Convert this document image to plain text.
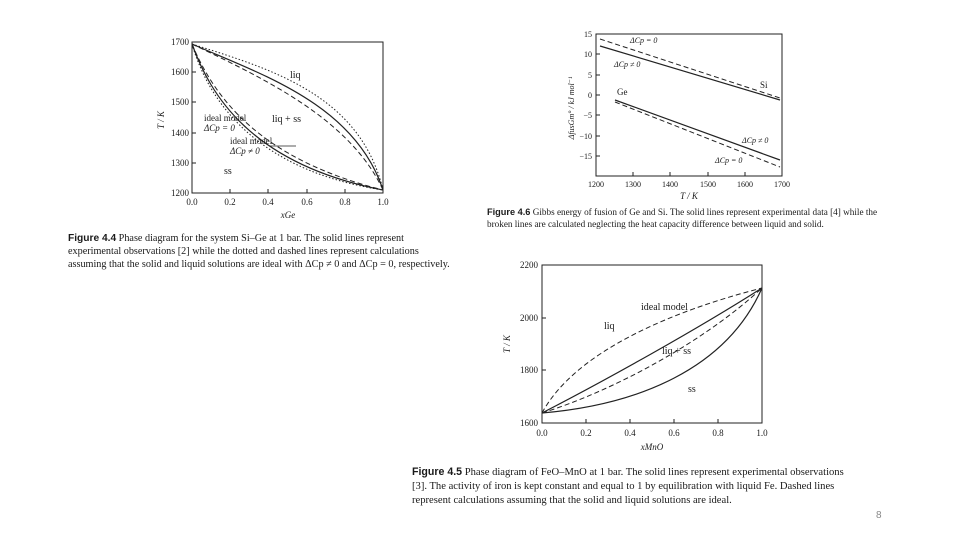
1700
1600
1500
1400
1300
1200
0.0	0.2	0.4	0.6	0.8	1.0
xGe
T / K
liq
liq + ss
ss
ideal model
ΔCp = 0
ideal model
ΔCp ≠ 0
Figure 4.4 Phase diagram for the system Si–Ge at 1 bar. The solid lines represent experimental observations [2] while the dotted and dashed lines represent calculations assuming that the solid and liquid solutions are ideal with ΔCp ≠ 0 and ΔCp = 0, respectively.
15
10
5
0
−5
−10
−15
1200	1300	1400	1500	1600	1700
T / K
ΔfusGm° / kJ mol⁻¹
ΔCp = 0
ΔCp ≠ 0
Si
Ge
ΔCp ≠ 0
ΔCp = 0
Figure 4.6 Gibbs energy of fusion of Ge and Si. The solid lines represent experimental data [4] while the broken lines are calculated neglecting the heat capacity difference between liquid and solid.
2200
2000
1800
1600
0.0	0.2	0.4	0.6	0.8	1.0
xMnO
T / K
ideal model
liq
liq + ss
ss
Figure 4.5 Phase diagram of FeO–MnO at 1 bar. The solid lines represent experimental observations [3]. The activity of iron is kept constant and equal to 1 by equilibration with liquid Fe. Dashed lines represent calculations assuming that the solid and liquid solutions are ideal.
8
